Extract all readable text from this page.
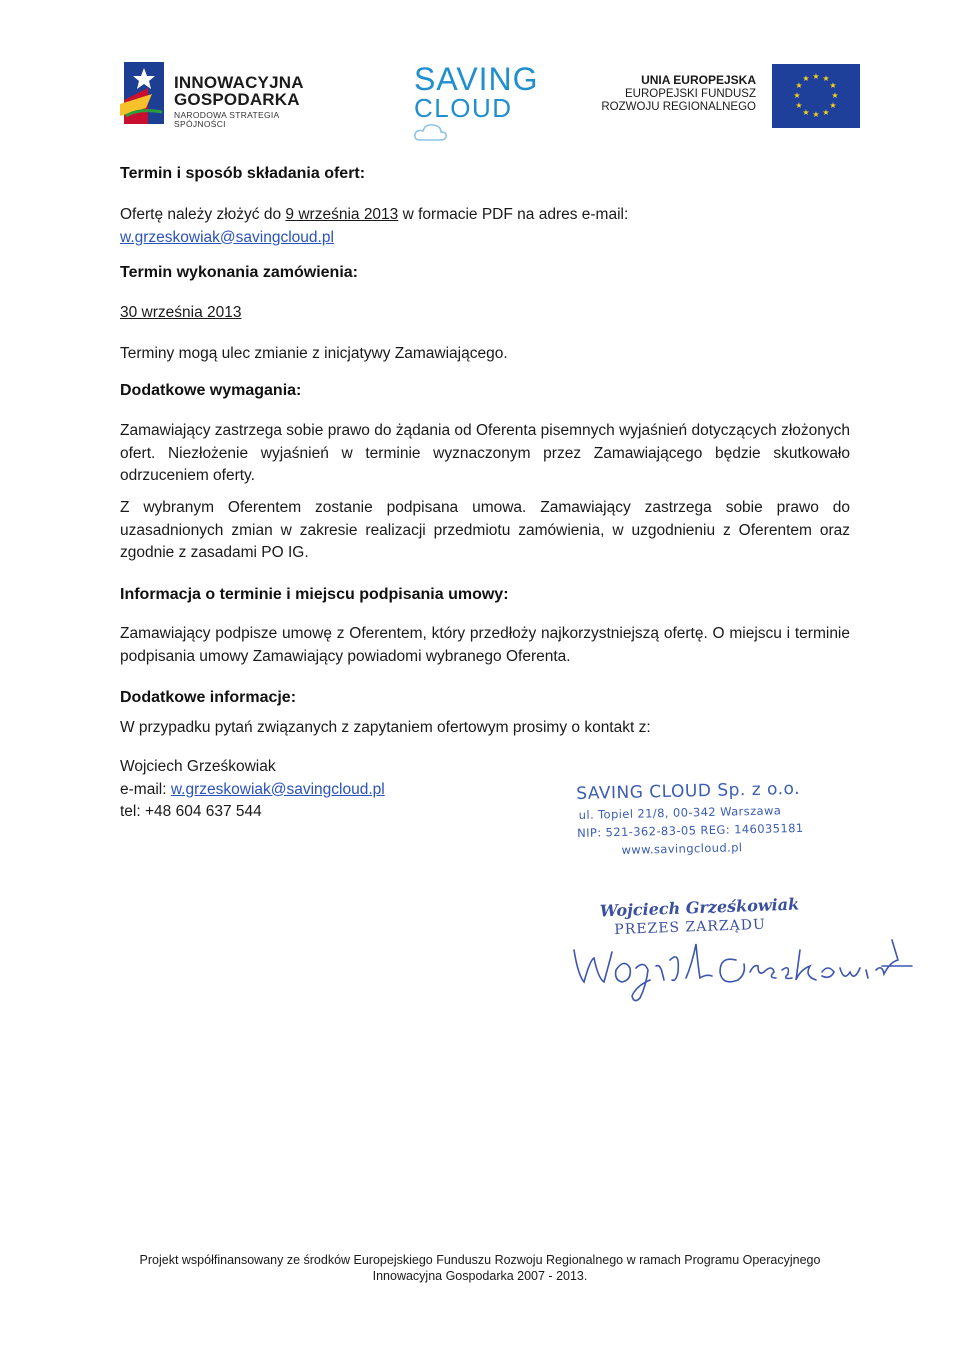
INNOWACYJNA
GOSPODARKA
NARODOWA STRATEGIA SPÓJNOŚCI
SAVING
CLOUD
UNIA EUROPEJSKA
EUROPEJSKI FUNDUSZ
ROZWOJU REGIONALNEGO
★ ★
★
★
★
★
★
★
★
★
★
★
Termin i sposób składania ofert:
Ofertę należy złożyć do 9 września 2013 w formacie PDF na adres e-mail:
w.grzeskowiak@savingcloud.pl
Termin wykonania zamówienia:
30 września 2013
Terminy mogą ulec zmianie z inicjatywy Zamawiającego.
Dodatkowe wymagania:
Zamawiający zastrzega sobie prawo do żądania od Oferenta pisemnych wyjaśnień dotyczących złożonych ofert. Niezłożenie wyjaśnień w terminie wyznaczonym przez Zamawiającego będzie skutkowało odrzuceniem oferty.
Z wybranym Oferentem zostanie podpisana umowa. Zamawiający zastrzega sobie prawo do uzasadnionych zmian w zakresie realizacji przedmiotu zamówienia, w uzgodnieniu z Oferentem oraz zgodnie z zasadami PO IG.
Informacja o terminie i miejscu podpisania umowy:
Zamawiający podpisze umowę z Oferentem, który przedłoży najkorzystniejszą ofertę. O miejscu i terminie podpisania umowy Zamawiający powiadomi wybranego Oferenta.
Dodatkowe informacje:
W przypadku pytań związanych z zapytaniem ofertowym prosimy o kontakt z:
Wojciech Grześkowiak
e-mail: w.grzeskowiak@savingcloud.pl
tel: +48 604 637 544
SAVING CLOUD Sp. z o.o.
ul. Topiel 21/8, 00-342 Warszawa
NIP: 521-362-83-05 REG: 146035181
www.savingcloud.pl
Wojciech Grześkowiak
PREZES ZARZĄDU
Projekt współfinansowany ze środków Europejskiego Funduszu Rozwoju Regionalnego w ramach Programu Operacyjnego
Innowacyjna Gospodarka 2007 - 2013.
